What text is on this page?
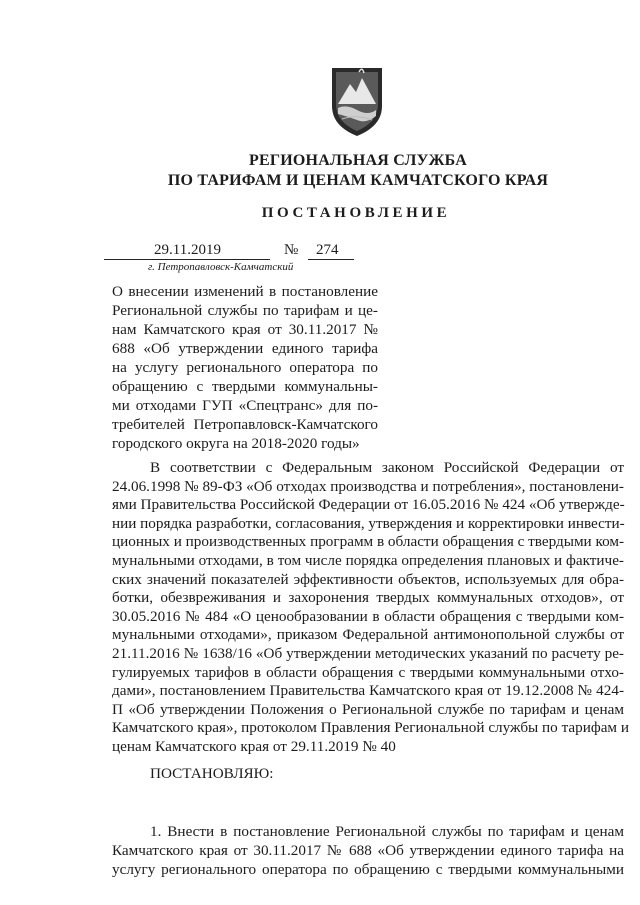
РЕГИОНАЛЬНАЯ СЛУЖБА
ПО ТАРИФАМ И ЦЕНАМ КАМЧАТСКОГО КРАЯ
ПОСТАНОВЛЕНИЕ
29.11.2019	№ 274
г. Петропавловск-Камчатский
О внесении изменений в постановление
Региональной службы по тарифам и це-
нам Камчатского края от 30.11.2017 №
688 «Об утверждении единого тарифа
на услугу регионального оператора по
обращению с твердыми коммунальны-
ми отходами ГУП «Спецтранс» для по-
требителей Петропавловск-Камчатского
городского округа на 2018-2020 годы»
В соответствии с Федеральным законом Российской Федерации от
24.06.1998 № 89-ФЗ «Об отходах производства и потребления», постановлени-
ями Правительства Российской Федерации от 16.05.2016 № 424 «Об утвержде-
нии порядка разработки, согласования, утверждения и корректировки инвести-
ционных и производственных программ в области обращения с твердыми ком-
мунальными отходами, в том числе порядка определения плановых и фактиче-
ских значений показателей эффективности объектов, используемых для обра-
ботки, обезвреживания и захоронения твердых коммунальных отходов», от
30.05.2016 № 484 «О ценообразовании в области обращения с твердыми ком-
мунальными отходами», приказом Федеральной антимонопольной службы от
21.11.2016 № 1638/16 «Об утверждении методических указаний по расчету ре-
гулируемых тарифов в области обращения с твердыми коммунальными отхо-
дами», постановлением Правительства Камчатского края от 19.12.2008 № 424-
П «Об утверждении Положения о Региональной службе по тарифам и ценам
Камчатского края», протоколом Правления Региональной службы по тарифам и
ценам Камчатского края от 29.11.2019 № 40
ПОСТАНОВЛЯЮ:
1. Внести в постановление Региональной службы по тарифам и ценам
Камчатского края от 30.11.2017 № 688 «Об утверждении единого тарифа на
услугу регионального оператора по обращению с твердыми коммунальными
